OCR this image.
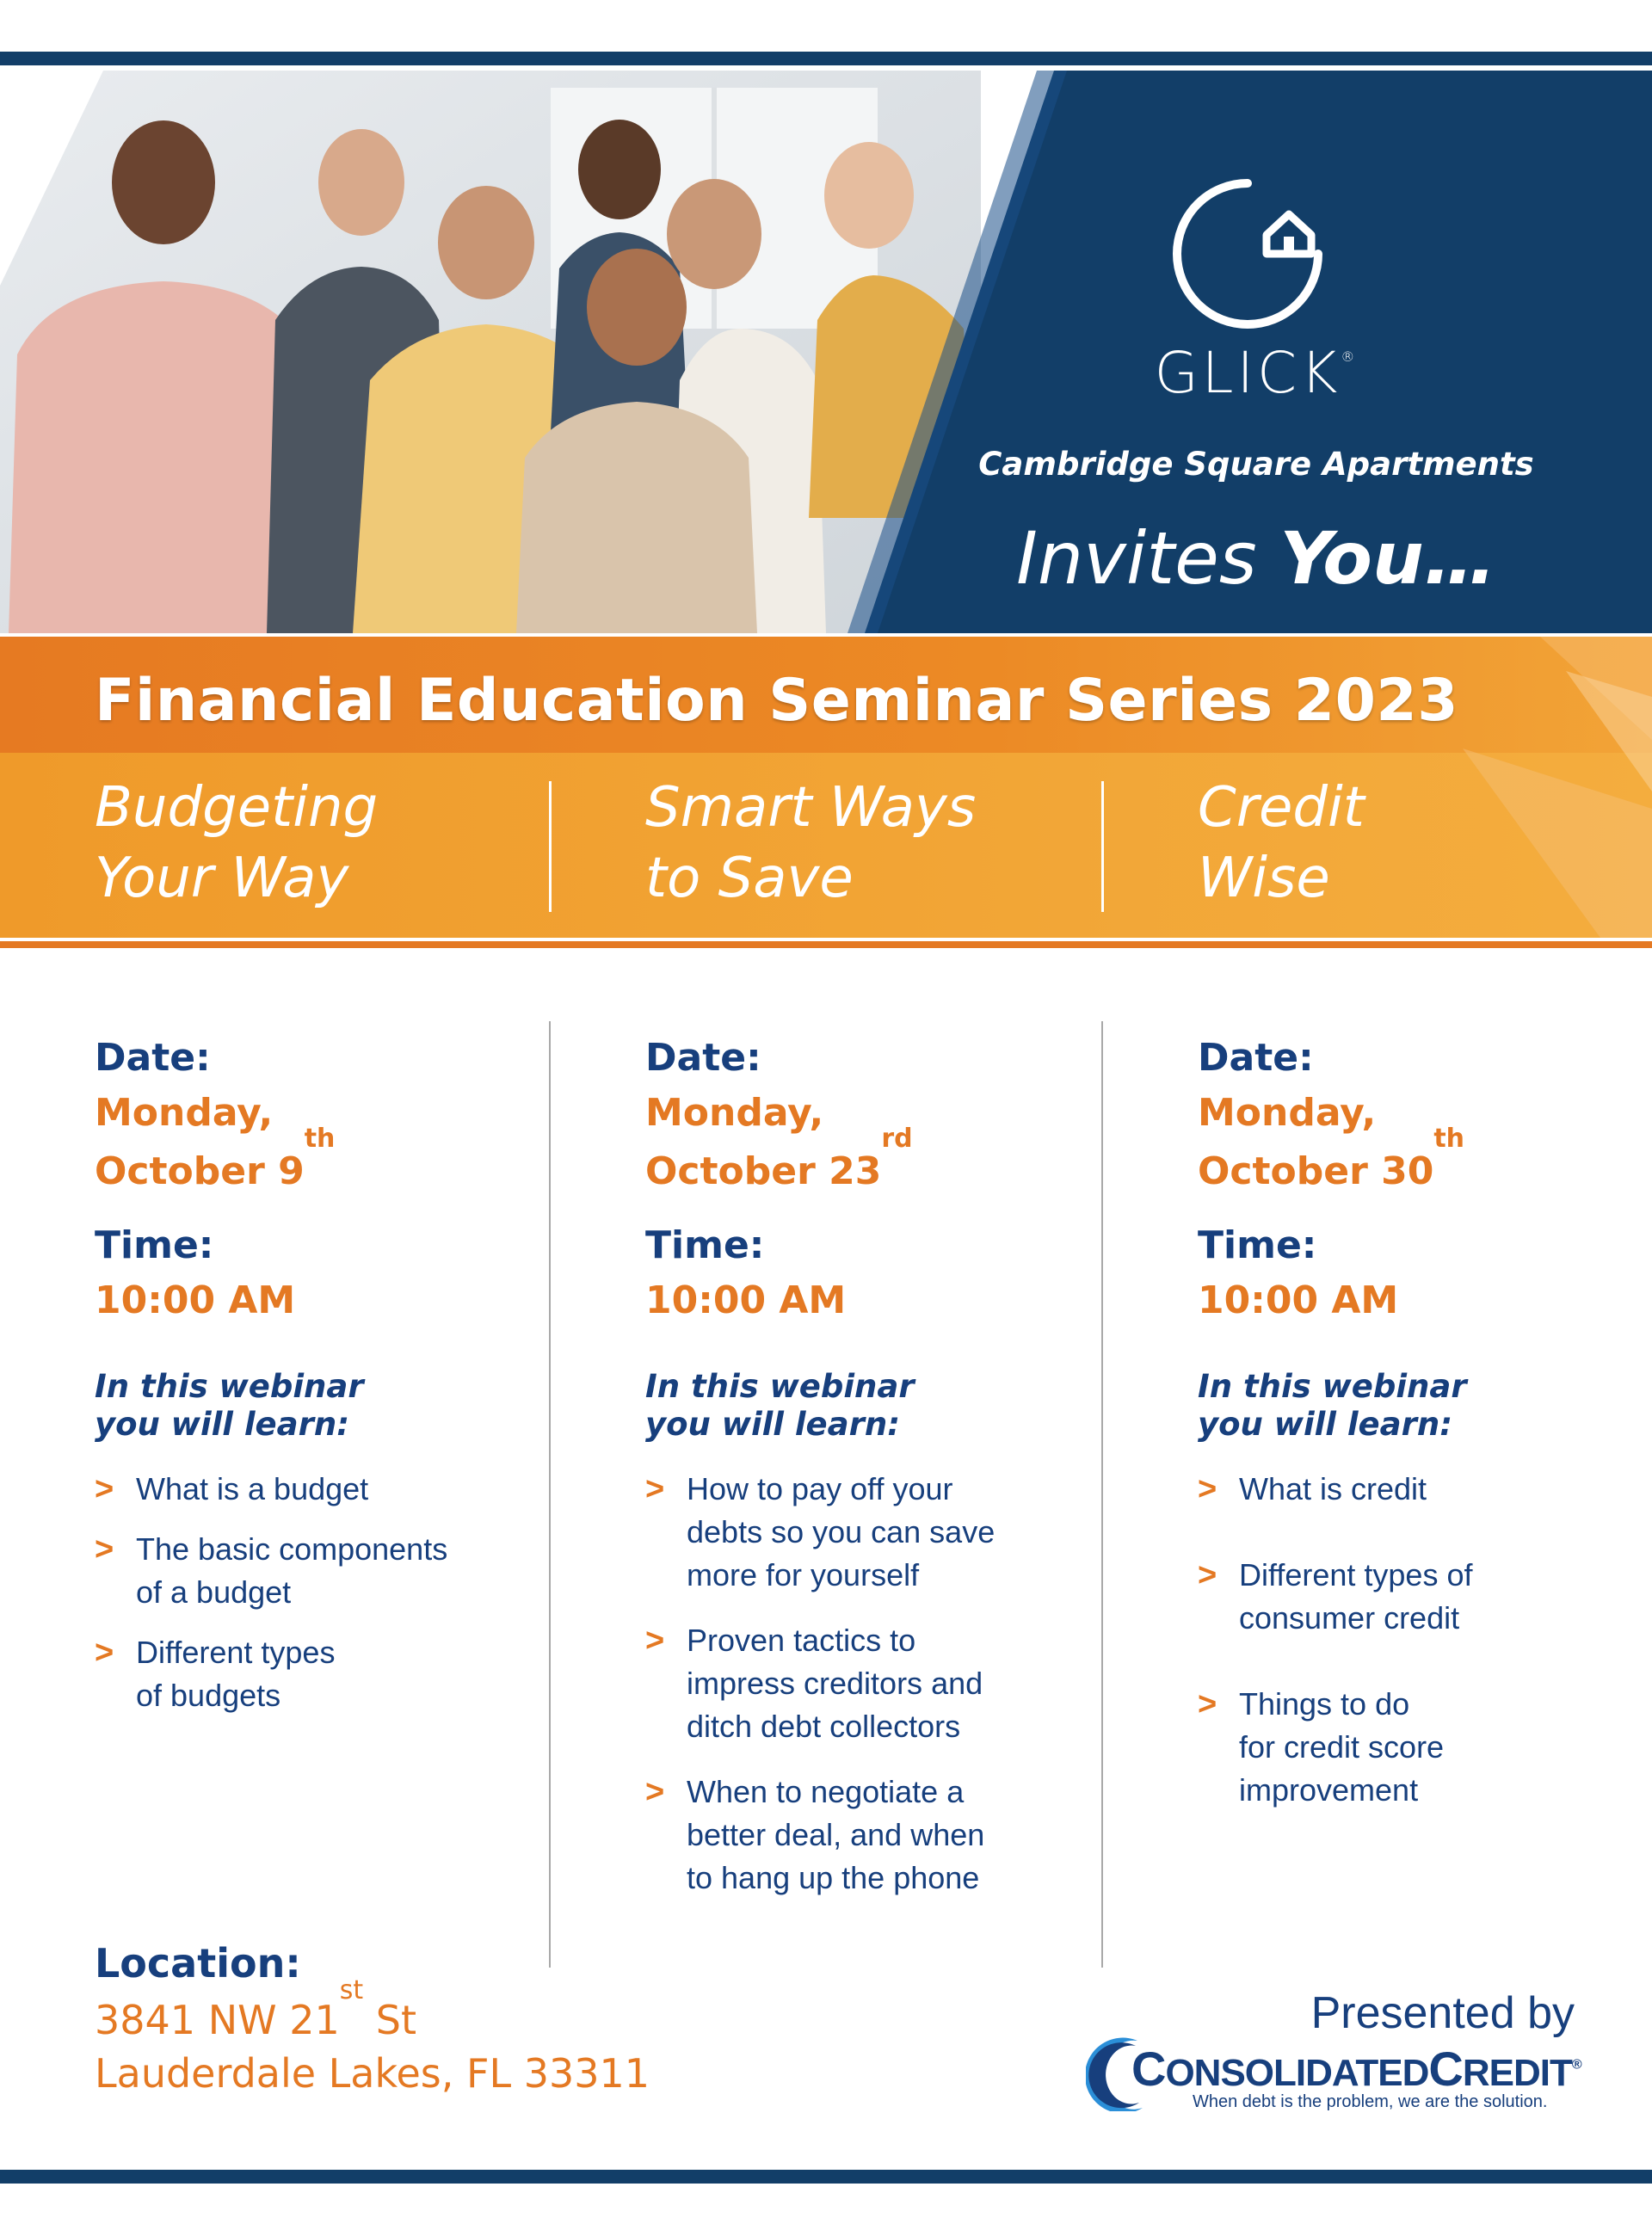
GLICK®
Cambridge Square Apartments
Invites You…
Financial Education Seminar Series 2023
Budgeting
Your Way
Smart Ways
to Save
Credit
Wise
Date:
Monday,
October 9th
Time:
10:00 AM
In this webinar
you will learn:
> What is a budget
> The basic components
of a budget
> Different types
of budgets
Date:
Monday,
October 23rd
Time:
10:00 AM
In this webinar
you will learn:
> How to pay off your
debts so you can save
more for yourself
> Proven tactics to
impress creditors and
ditch debt collectors
> When to negotiate a
better deal, and when
to hang up the phone
Date:
Monday,
October 30th
Time:
10:00 AM
In this webinar
you will learn:
> What is credit
> Different types of
consumer credit
> Things to do
for credit score
improvement
Location:
3841 NW 21st St
Lauderdale Lakes, FL 33311
Presented by
CONSOLIDATEDCREDIT®
When debt is the problem, we are the solution.
